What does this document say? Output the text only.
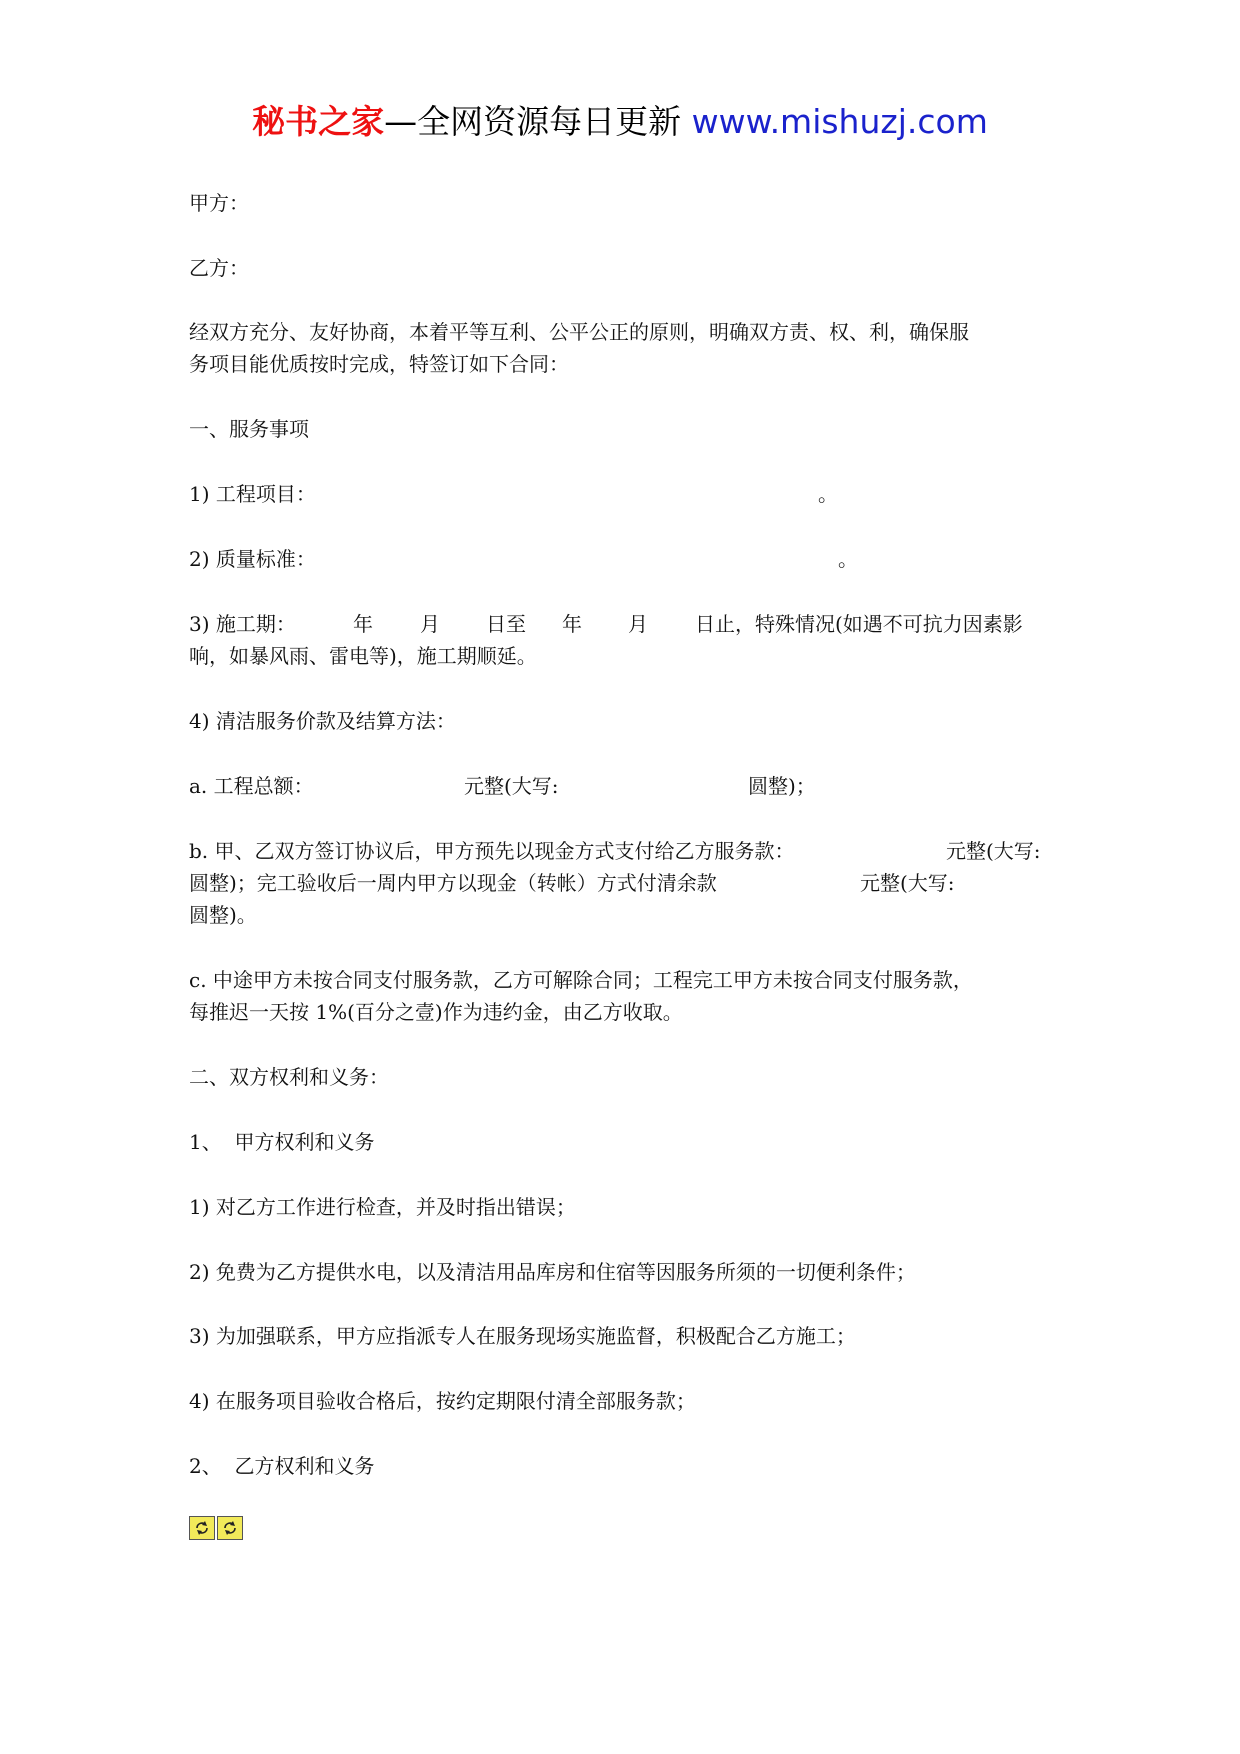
秘书之家—全网资源每日更新 www.mishuzj.com
甲方：
乙方：
经双方充分、友好协商，本着平等互利、公平公正的原则，明确双方责、权、利，确保服
务项目能优质按时完成，特签订如下合同：
一、服务事项
1) 工程项目：	。
2) 质量标准：	。
3) 施工期：	年 月 日至 年 月 日止，特殊情况(如遇不可抗力因素影
响，如暴风雨、雷电等)，施工期顺延。
4) 清洁服务价款及结算方法：
a. 工程总额：	元整(大写:	圆整)；
b. 甲、乙双方签订协议后，甲方预先以现金方式支付给乙方服务款：	元整(大写:
圆整)；完工验收后一周内甲方以现金（转帐）方式付清余款	元整(大写:
圆整)。
c. 中途甲方未按合同支付服务款，乙方可解除合同；工程完工甲方未按合同支付服务款，
每推迟一天按 1%(百分之壹)作为违约金，由乙方收取。
二、双方权利和义务：
1、  甲方权利和义务
1) 对乙方工作进行检查，并及时指出错误；
2) 免费为乙方提供水电，以及清洁用品库房和住宿等因服务所须的一切便利条件；
3) 为加强联系，甲方应指派专人在服务现场实施监督，积极配合乙方施工；
4) 在服务项目验收合格后，按约定期限付清全部服务款；
2、  乙方权利和义务
